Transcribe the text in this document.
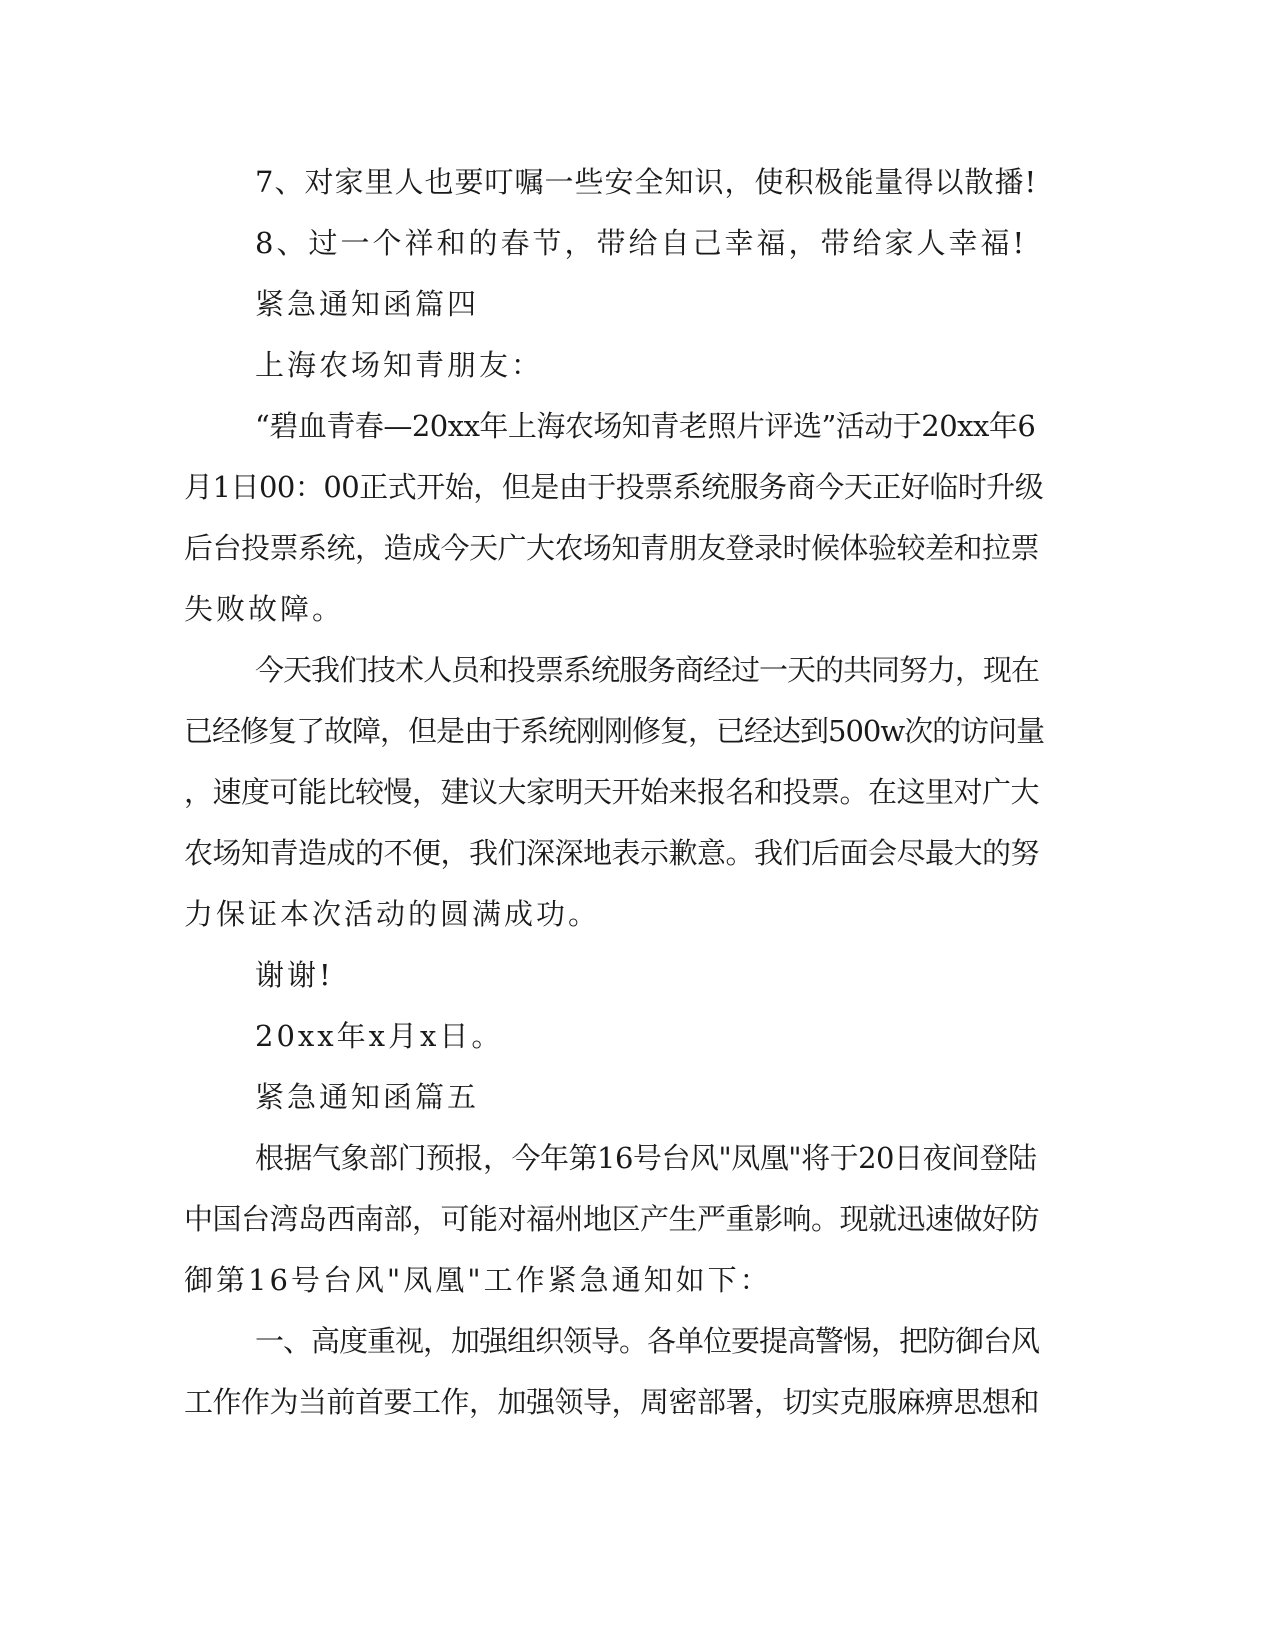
7、对家里人也要叮嘱一些安全知识，使积极能量得以散播!
8、过一个祥和的春节，带给自己幸福，带给家人幸福!
紧急通知函篇四
上海农场知青朋友：
“碧血青春—20xx年上海农场知青老照片评选”活动于20xx年6
月1日00：00正式开始，但是由于投票系统服务商今天正好临时升级
后台投票系统，造成今天广大农场知青朋友登录时候体验较差和拉票
失败故障。
今天我们技术人员和投票系统服务商经过一天的共同努力，现在
已经修复了故障，但是由于系统刚刚修复，已经达到500w次的访问量
，速度可能比较慢，建议大家明天开始来报名和投票。在这里对广大
农场知青造成的不便，我们深深地表示歉意。我们后面会尽最大的努
力保证本次活动的圆满成功。
谢谢!
20xx年x月x日。
紧急通知函篇五
根据气象部门预报，今年第16号台风"凤凰"将于20日夜间登陆
中国台湾岛西南部，可能对福州地区产生严重影响。现就迅速做好防
御第16号台风"凤凰"工作紧急通知如下：
一、高度重视，加强组织领导。各单位要提高警惕，把防御台风
工作作为当前首要工作，加强领导，周密部署，切实克服麻痹思想和
